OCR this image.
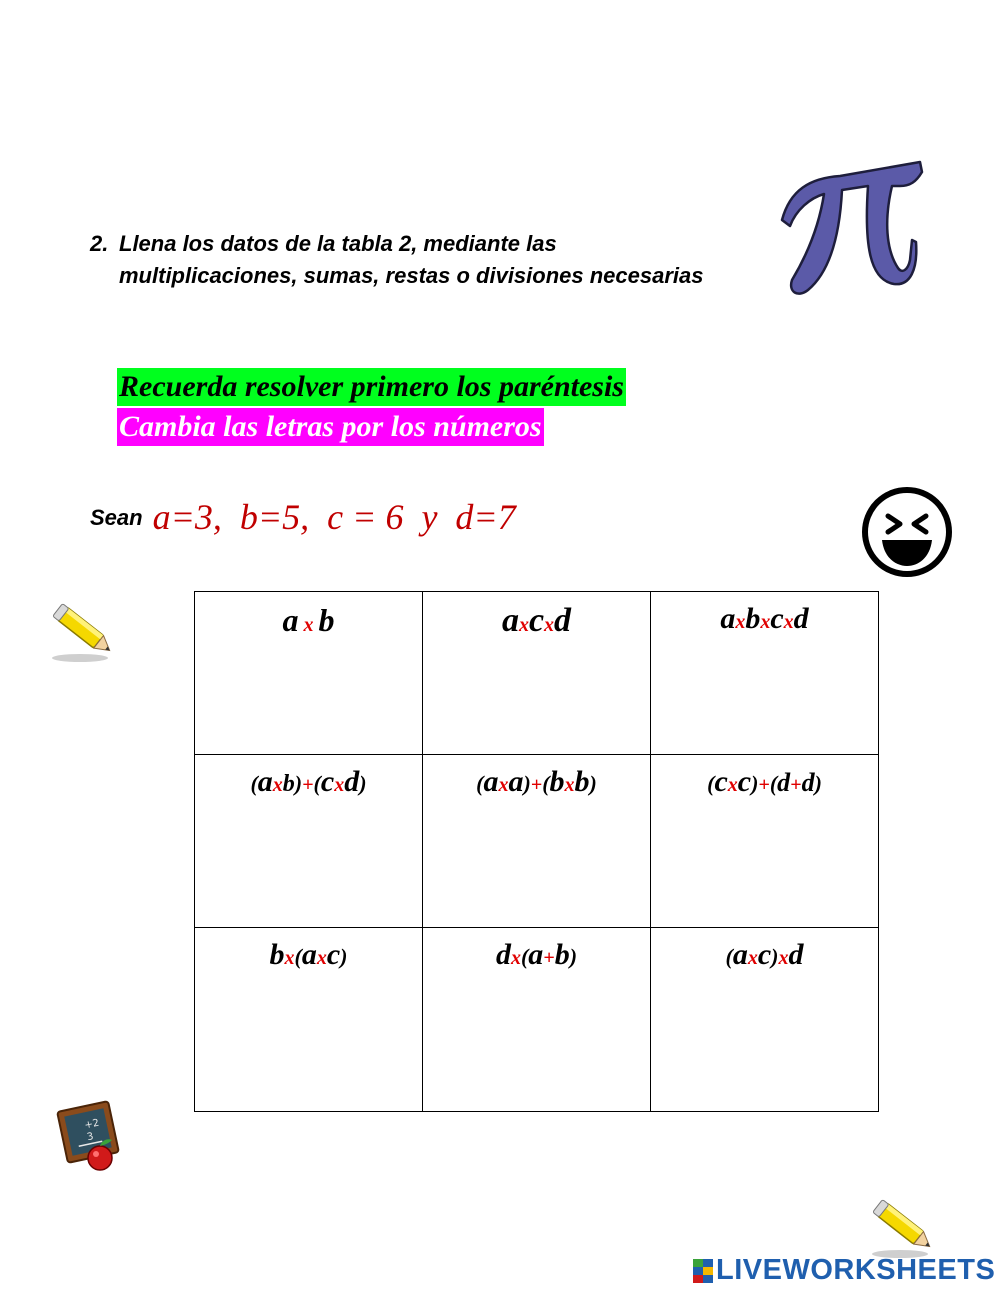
2. Llena los datos de la tabla 2, mediante las multiplicaciones, sumas, restas o divisiones necesarias
Recuerda resolver primero los paréntesis
Cambia las letras por los números
Sean a=3,  b=5,  c = 6  y  d=7
a x b	axcxd	axbxcxd
(axb)+(cxd)	(axa)+(bxb)	(cxc)+(d+d)
bx(axc)	dx(a+b)	(axc)xd
+2
3
LIVEWORKSHEETS
